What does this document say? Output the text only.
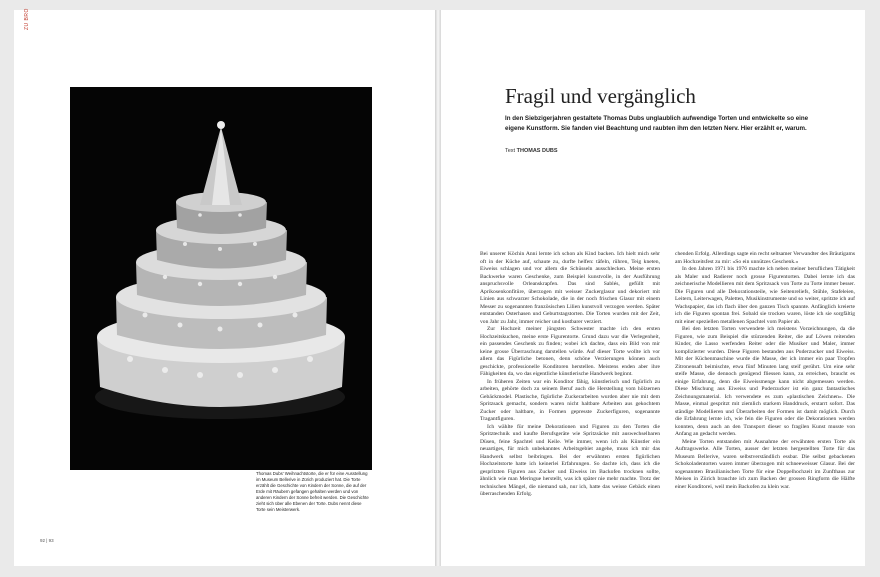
ZU BRO
Thomas Dubs' Weihnachtstorte, die er für eine Ausstellung im Museum Bellerive in Zürich produziert hat. Die Torte erzählt die Geschichte von Kindern der Sonne, die auf der Erde mit Räubern gefangen gehalten werden und von anderen Kindern der Sonne befreit werden. Die Geschichte zieht sich über alle Ebenen der Torte. Dubs nennt diese Torte sein Meisterwerk.
92 | 93
Fragil und vergänglich

In den Siebzigerjahren gestaltete Thomas Dubs unglaublich aufwendige Torten und entwickelte so eine eigene Kunstform. Sie fanden viel Beachtung und raubten ihm den letzten Nerv. Hier erzählt er, warum.

Text THOMAS DUBS

Bei unserer Köchin Anni lernte ich schon als Kind backen. Ich hielt mich sehr oft in der Küche auf, schaute zu, durfte helfen: täfeln, rühren, Teig kneten, Eiweiss schlagen und vor allem die Schüsseln ausschlecken. Meine ersten Backwerke waren Geschenke, zum Beispiel kunstvolle, in der Ausführung anspruchsvolle Orleanskrapfen. Das sind Sablés, gefüllt mit Aprikosenkonfitüre, überzogen mit weisser Zuckerglasur und dekoriert mit Linien aus schwarzer Schokolade, die in der noch frischen Glasur mit einem Messer zu sogenannten französischen Lilien kunstvoll verzogen werden. Später entstanden Osterhasen und Geburtstagstorten. Die Torten wurden mit der Zeit, von Jahr zu Jahr, immer reicher und kostbarer verziert.

Zur Hochzeit meiner jüngsten Schwester machte ich den ersten Hochzeitskuchen, meine erste Figurentorte. Grund dazu war die Verlegenheit, ein passendes Geschenk zu finden; wobei ich dachte, dass ein Bild von mir keine grosse Überraschung darstellen würde. Auf dieser Torte wollte ich vor allem das Figürliche betonen, denn schöne Verzierungen können auch geschickte, professionelle Konditoren herstellen. Meistens enden aber ihre Fähigkeiten da, wo das eigentliche künstlerische Handwerk beginnt.

In früheren Zeiten war ein Konditor fähig, künstlerisch und figürlich zu arbeiten, gehörte doch zu seinem Beruf auch die Herstellung vom hölzernen Gebäckmodel. Plastische, figürliche Zuckerarbeiten wurden aber nie mit dem Spritzsack gemacht, sondern waren nicht haltbare Arbeiten aus gekochtem Zucker oder haltbare, in Formen gepresste Zuckerfiguren, sogenannte Tragantfiguren.

Ich wählte für meine Dekorationen und Figuren zu den Torten die Spritztechnik und kaufte Berufsgeräte wie Spritzsäcke mit auswechselbaren Düsen, feine Spachtel und Keile. Wie immer, wenn ich als Künstler ein neuartiges, für mich unbekanntes Arbeitsgebiet angehe, muss ich mir das Handwerk selbst beibringen. Bei der erwähnten ersten figürlichen Hochzeitstorte hatte ich keinerlei Erfahrungen. So dachte ich, dass ich die gespritzten Figuren aus Zucker und Eiweiss im Backofen trocknen sollte, ähnlich wie man Meringue herstellt, was ich später nie mehr machte. Trotz der technischen Mängel, die niemand sah, nur ich, hatte das weisse Gebäck einen überraschenden Erfolg.

chenden Erfolg. Allerdings sagte ein recht seltsamer Verwandter des Bräutigams am Hochzeitsfest zu mir: «So ein unnützes Geschenk.»

In den Jahren 1971 bis 1976 machte ich neben meiner beruflichen Tätigkeit als Maler und Radierer noch grosse Figurentorten. Dabei lernte ich das zeichnerische Modellieren mit dem Spritzsack von Torte zu Torte immer besser. Die Figuren und alle Dekorationsteile, wie Seitenreliefs, Stühle, Stafeleien, Leitern, Leiterwagen, Paletten, Musikinstrumente und so weiter, spritzte ich auf Wachspapier, das ich flach über den ganzen Tisch spannte. Anfänglich kreierte ich die Figuren spontan frei. Sobald sie trocken waren, löste ich sie sorgfältig mit einer speziellen metallenen Spachtel vom Papier ab.

Bei den letzten Torten verwendete ich meistens Vorzeichnungen, da die Figuren, wie zum Beispiel die stürzenden Reiter, die auf Löwen reitenden Kinder, die Lasso werfenden Reiter oder die Musiker und Maler, immer komplizierter wurden. Diese Figuren bestanden aus Puderzucker und Eiweiss. Mit der Küchenmaschine wurde die Masse, der ich immer ein paar Tropfen Zitronensaft beimischte, etwa fünf Minuten lang steif gerührt. Um eine sehr steife Masse, die dennoch genügend fliessen kann, zu erreichen, braucht es einige Erfahrung, denn die Eiweissmenge kann nicht abgemessen werden. Diese Mischung aus Eiweiss und Puderzucker ist ein ganz fantastisches Zeichnungsmaterial. Ich verwendete es zum «plastischen Zeichnen». Die Masse, einmal gespritzt mit ziemlich starkem Handdruck, erstarrt sofort. Das ständige Modellieren und Überarbeiten der Formen ist damit möglich. Durch die Erfahrung lernte ich, wie fein die Figuren oder die Dekorationen werden konnten, denn auch an den Transport dieser so fragilen Kunst musste von Anfang an gedacht werden.

Meine Torten entstanden mit Ausnahme der erwähnten ersten Torte als Auftragswerke. Alle Torten, ausser der letzten hergestellten Torte für das Museum Bellerive, waren selbstverständlich essbar. Die selbst gebackenen Schokoladentorten waren immer überzogen mit schneeweisser Glasur. Bei der sogenannten Brasilianischen Torte für eine Doppelhochzeit im Zunfthaus zur Meisen in Zürich brauchte ich zum Backen der grossen Ringform die Hälfte einer Konditorei, weil mein Backofen zu klein war.
